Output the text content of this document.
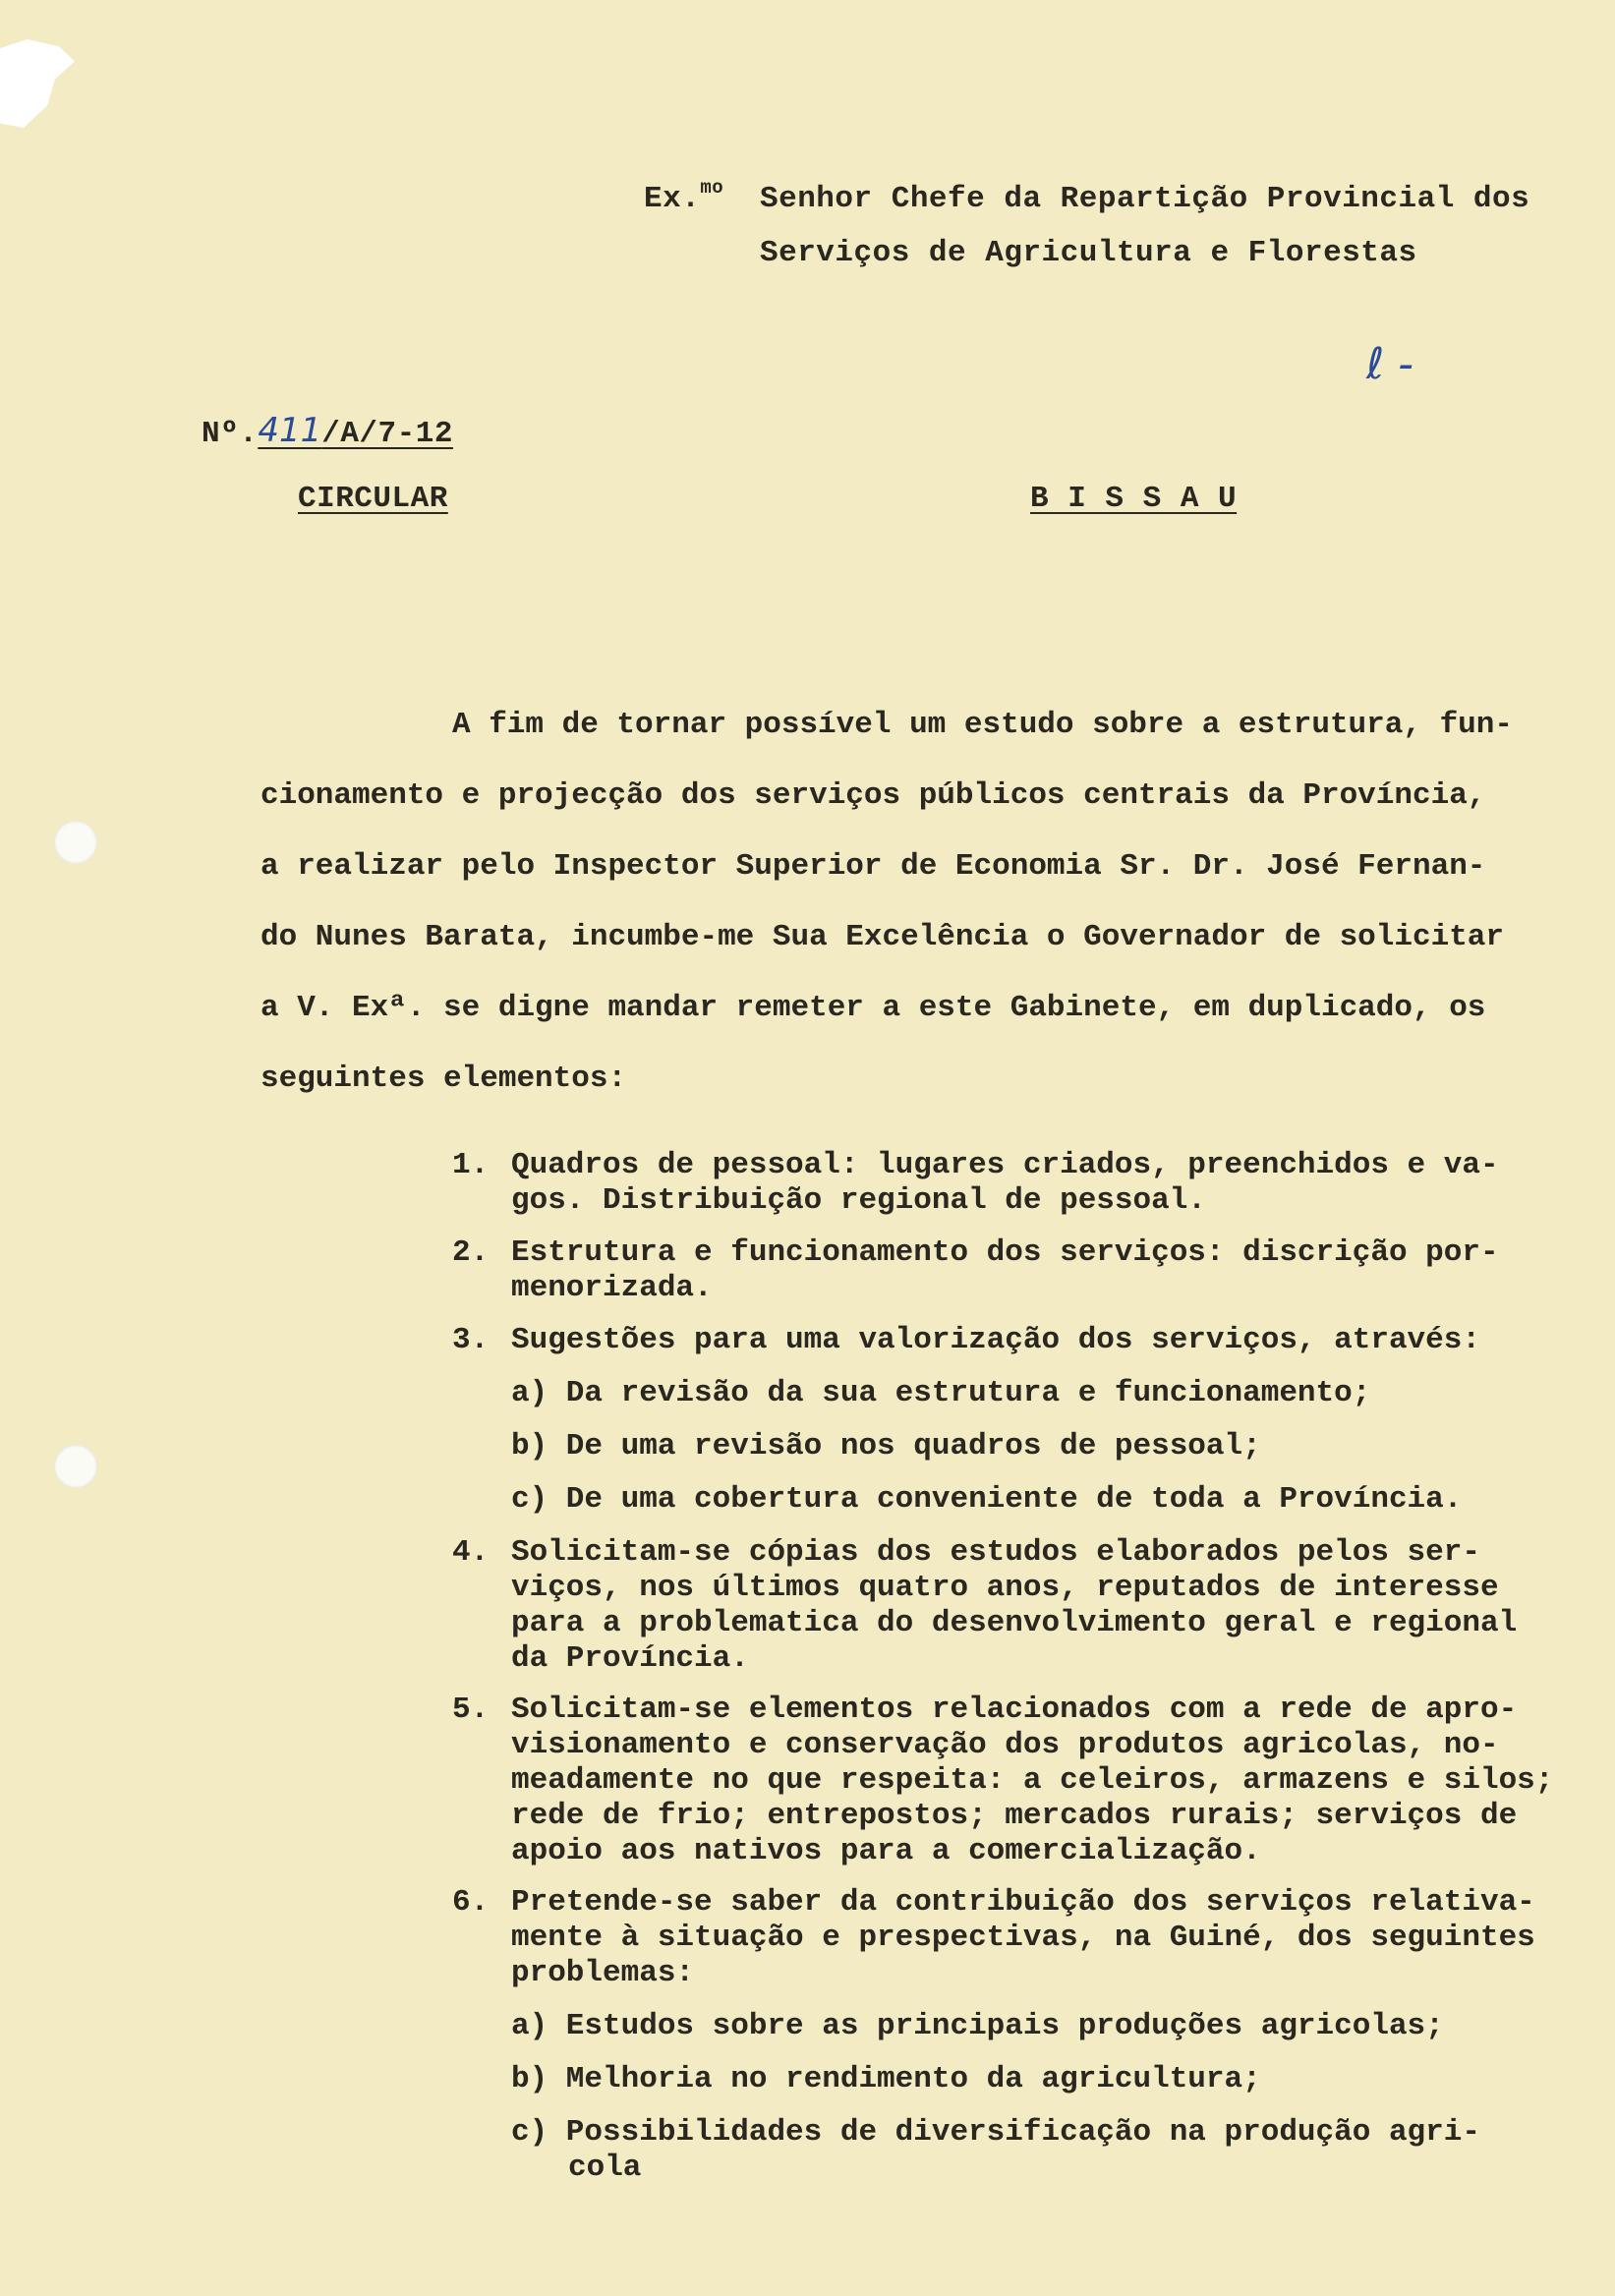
Ex.$^{mo}$ Senhor Chefe da Repartição Provincial dos
Serviços de Agricultura e Florestas
ℓ -
Nº.411/A/7-12
CIRCULAR	B I S S A U
A fim de tornar possível um estudo sobre a estrutura, fun-
cionamento e projecção dos serviços públicos centrais da Província,
a realizar pelo Inspector Superior de Economia Sr. Dr. José Fernan-
do Nunes Barata, incumbe-me Sua Excelência o Governador de solicitar
a V. Exª. se digne mandar remeter a este Gabinete, em duplicado, os
seguintes elementos:
1. Quadros de pessoal: lugares criados, preenchidos e va-
gos. Distribuição regional de pessoal.
2. Estrutura e funcionamento dos serviços: discrição por-
menorizada.
3. Sugestões para uma valorização dos serviços, através:
a) Da revisão da sua estrutura e funcionamento;
b) De uma revisão nos quadros de pessoal;
c) De uma cobertura conveniente de toda a Província.
4. Solicitam-se cópias dos estudos elaborados pelos ser-
viços, nos últimos quatro anos, reputados de interesse
para a problematica do desenvolvimento geral e regional
da Província.
5. Solicitam-se elementos relacionados com a rede de apro-
visionamento e conservação dos produtos agricolas, no-
meadamente no que respeita: a celeiros, armazens e silos;
rede de frio; entrepostos; mercados rurais; serviços de
apoio aos nativos para a comercialização.
6. Pretende-se saber da contribuição dos serviços relativa-
mente à situação e prespectivas, na Guiné, dos seguintes
problemas:
a) Estudos sobre as principais produções agricolas;
b) Melhoria no rendimento da agricultura;
c) Possibilidades de diversificação na produção agri-
cola
